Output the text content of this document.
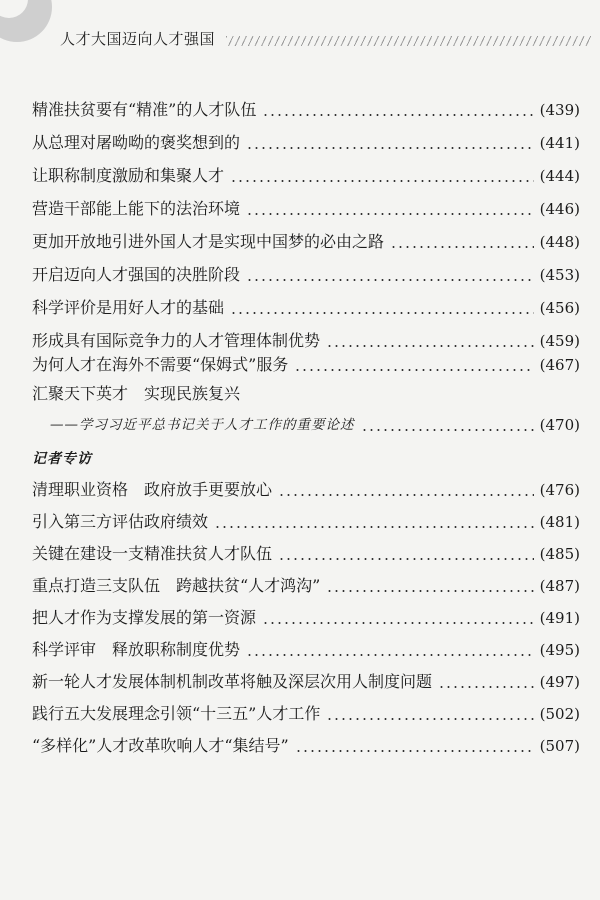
人才大国迈向人才强国
精准扶贫要有“精准”的人才队伍	(439)
从总理对屠呦呦的褒奖想到的	(441)
让职称制度激励和集聚人才	(444)
营造干部能上能下的法治环境	(446)
更加开放地引进外国人才是实现中国梦的必由之路	(448)
开启迈向人才强国的决胜阶段	(453)
科学评价是用好人才的基础	(456)
形成具有国际竞争力的人才管理体制优势	(459)
为何人才在海外不需要“保姆式”服务	(467)
汇聚天下英才　实现民族复兴
——学习习近平总书记关于人才工作的重要论述	(470)
记者专访
清理职业资格　政府放手更要放心	(476)
引入第三方评估政府绩效	(481)
关键在建设一支精准扶贫人才队伍	(485)
重点打造三支队伍　跨越扶贫“人才鸿沟”	(487)
把人才作为支撑发展的第一资源	(491)
科学评审　释放职称制度优势	(495)
新一轮人才发展体制机制改革将触及深层次用人制度问题	(497)
践行五大发展理念引领“十三五”人才工作	(502)
“多样化”人才改革吹响人才“集结号”	(507)
